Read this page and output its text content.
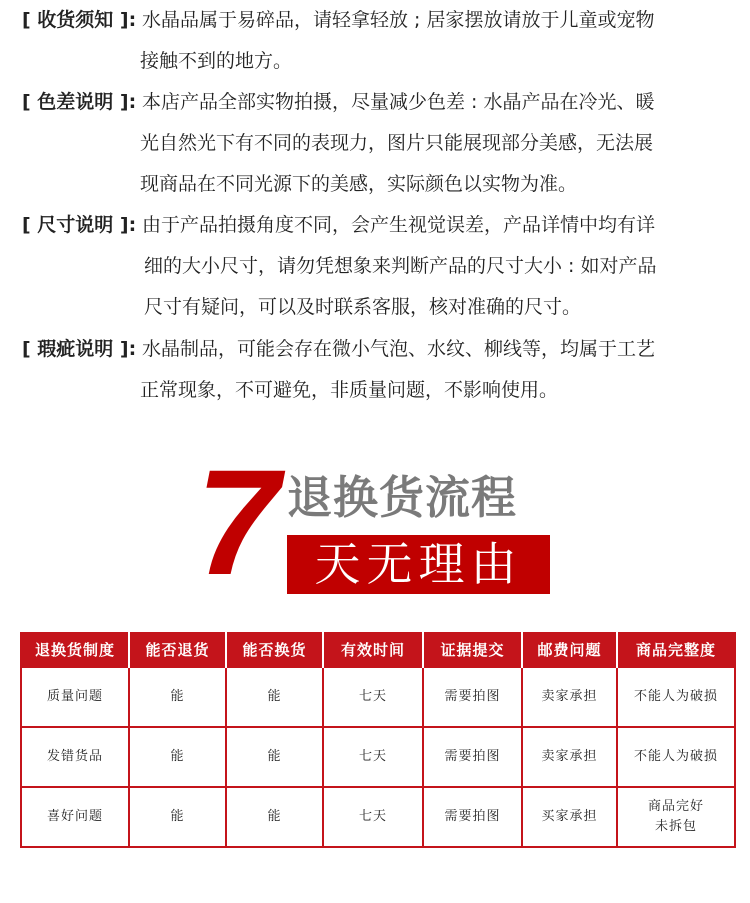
[ 收货须知 ]: 水晶品属于易碎品，请轻拿轻放 ; 居家摆放请放于儿童或宠物
接触不到的地方。
[ 色差说明 ]: 本店产品全部实物拍摄，尽量减少色差 : 水晶产品在冷光、暖
光自然光下有不同的表现力，图片只能展现部分美感，无法展
现商品在不同光源下的美感，实际颜色以实物为准。
[ 尺寸说明 ]: 由于产品拍摄角度不同，会产生视觉误差，产品详情中均有详
细的大小尺寸，请勿凭想象来判断产品的尺寸大小 : 如对产品
尺寸有疑问，可以及时联系客服，核对准确的尺寸。
[ 瑕疵说明 ]: 水晶制品，可能会存在微小气泡、水纹、柳线等，均属于工艺
正常现象，不可避免，非质量问题，不影响使用。
7 退换货流程
天无理由
退换货制度	能否退货	能否换货	有效时间	证据提交	邮费问题	商品完整度
质量问题	能	能	七天	需要拍图	卖家承担	不能人为破损
发错货品	能	能	七天	需要拍图	卖家承担	不能人为破损
喜好问题	能	能	七天	需要拍图	买家承担	商品完好
未拆包
